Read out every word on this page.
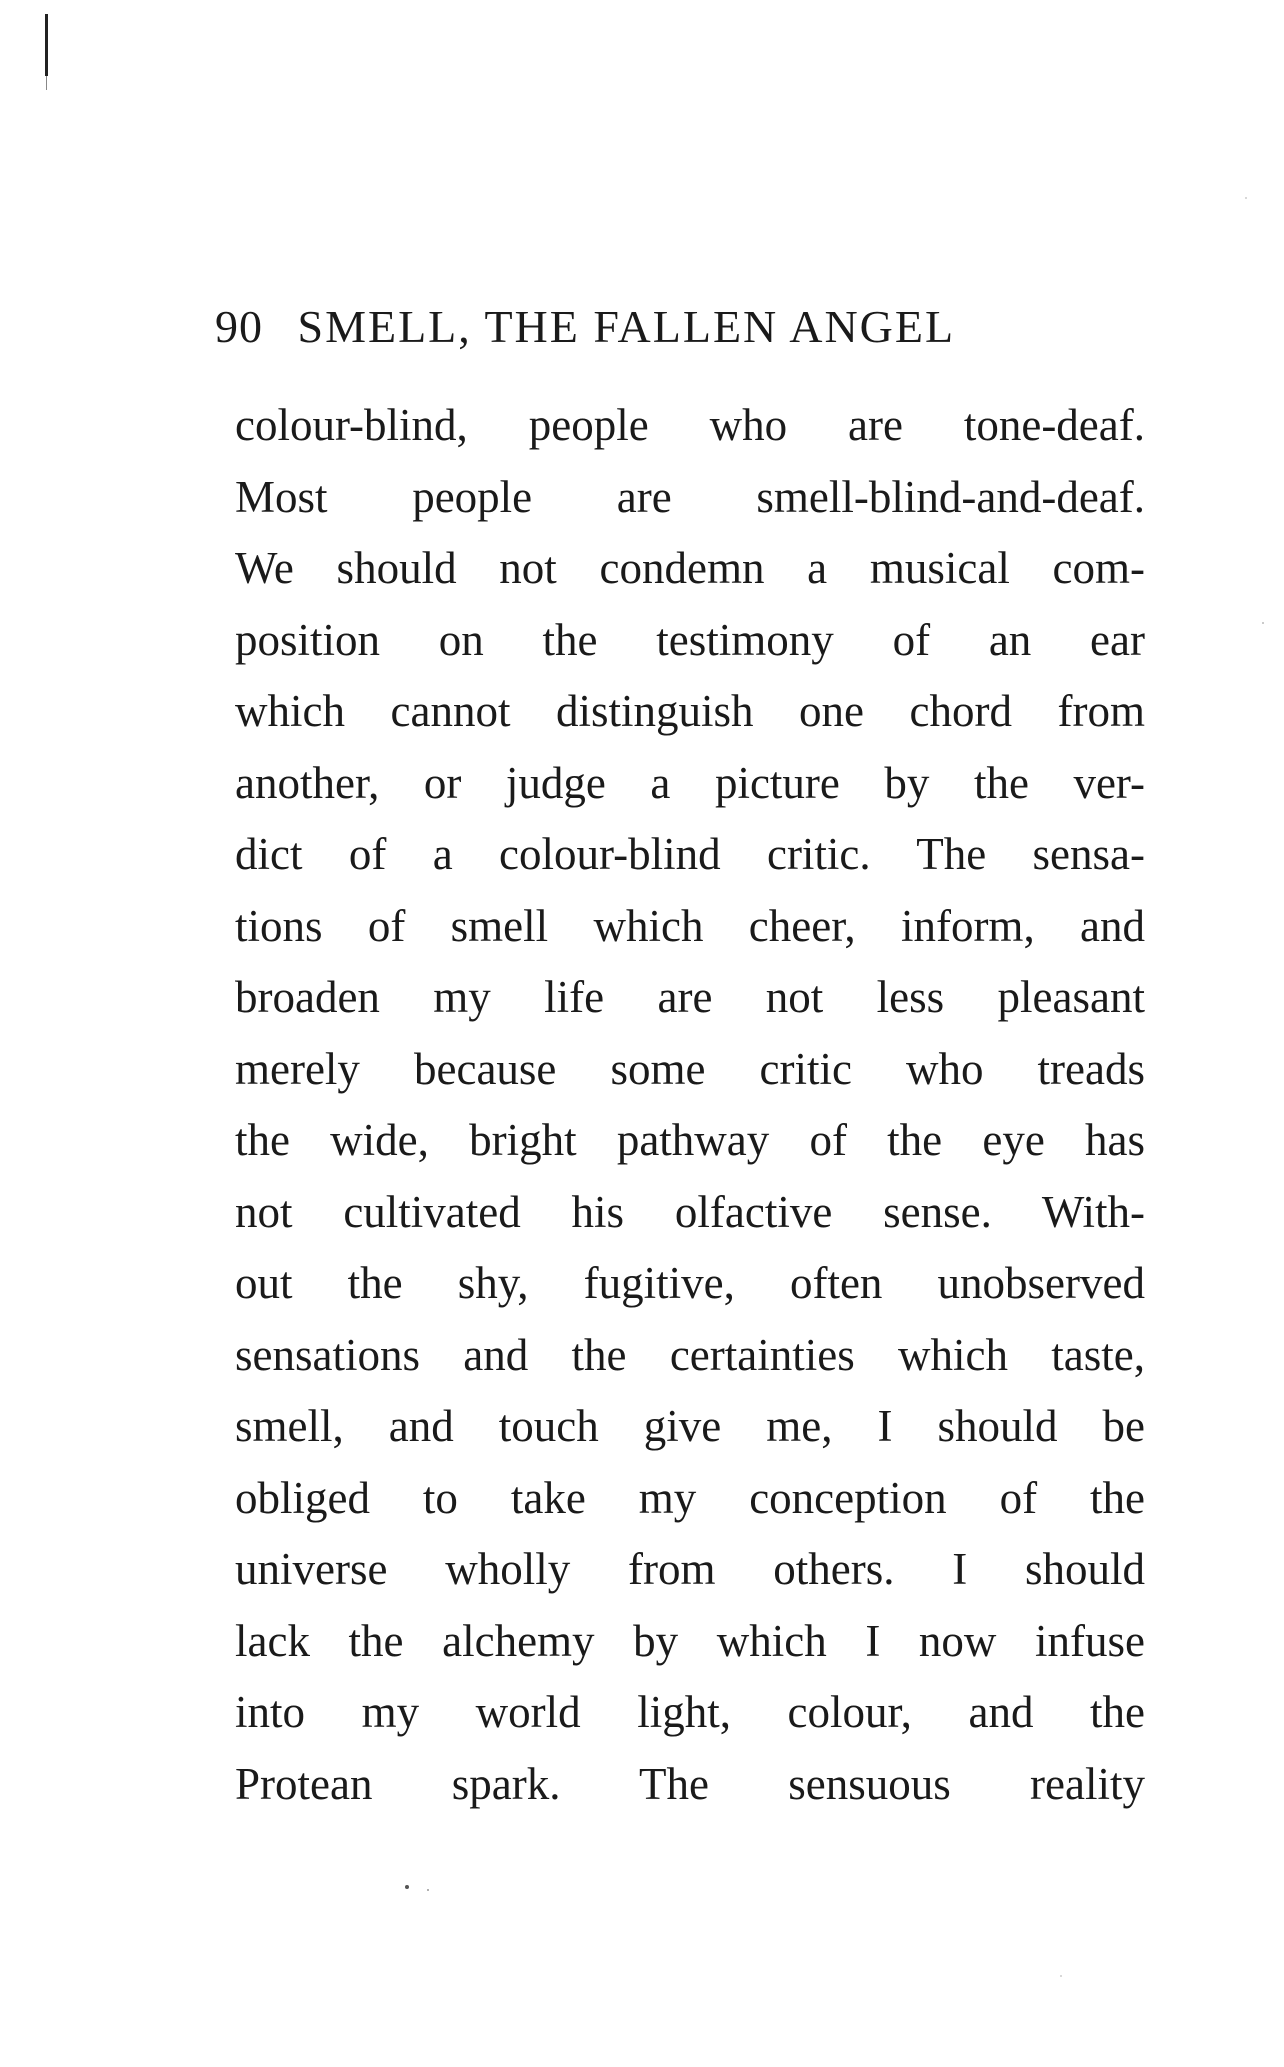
90 SMELL, THE FALLEN ANGEL
colour-blind, people who are tone-deaf.
Most people are smell-blind-and-deaf.
We should not condemn a musical com-
position on the testimony of an ear
which cannot distinguish one chord from
another, or judge a picture by the ver-
dict of a colour-blind critic. The sensa-
tions of smell which cheer, inform, and
broaden my life are not less pleasant
merely because some critic who treads
the wide, bright pathway of the eye has
not cultivated his olfactive sense. With-
out the shy, fugitive, often unobserved
sensations and the certainties which taste,
smell, and touch give me, I should be
obliged to take my conception of the
universe wholly from others. I should
lack the alchemy by which I now infuse
into my world light, colour, and the
Protean spark. The sensuous reality
